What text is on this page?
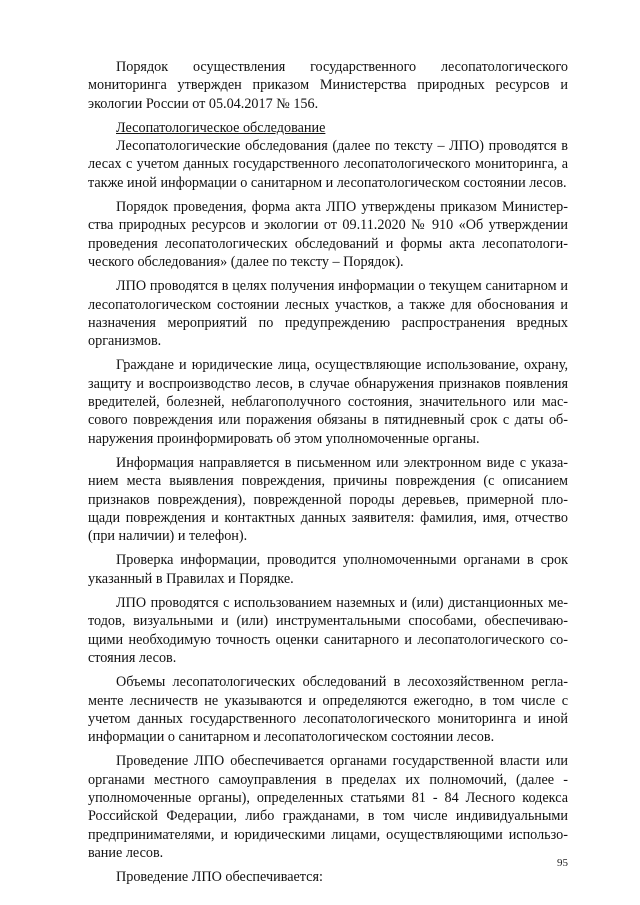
Порядок осуществления государственного лесопатологического мониторинга утвержден приказом Министерства природных ресурсов и экологии России от 05.04.2017 № 156.

Лесопатологическое обследование

Лесопатологические обследования (далее по тексту – ЛПО) проводятся в лесах с учетом данных государственного лесопатологического мониторинга, а также иной информации о санитарном и лесопатологическом состоянии лесов.

Порядок проведения, форма акта ЛПО утверждены приказом Министерства природных ресурсов и экологии от 09.11.2020 № 910 «Об утверждении проведения лесопатологических обследований и формы акта лесопатологического обследования» (далее по тексту – Порядок).

ЛПО проводятся в целях получения информации о текущем санитарном и лесопатологическом состоянии лесных участков, а также для обоснования и назначения мероприятий по предупреждению распространения вредных организмов.

Граждане и юридические лица, осуществляющие использование, охрану, защиту и воспроизводство лесов, в случае обнаружения признаков появления вредителей, болезней, неблагополучного состояния, значительного или массового повреждения или поражения обязаны в пятидневный срок с даты обнаружения проинформировать об этом уполномоченные органы.

Информация направляется в письменном или электронном виде с указанием места выявления повреждения, причины повреждения (с описанием признаков повреждения), поврежденной породы деревьев, примерной площади повреждения и контактных данных заявителя: фамилия, имя, отчество (при наличии) и телефон).

Проверка информации, проводится уполномоченными органами в срок указанный в Правилах и Порядке.

ЛПО проводятся с использованием наземных и (или) дистанционных методов, визуальными и (или) инструментальными способами, обеспечивающими необходимую точность оценки санитарного и лесопатологического состояния лесов.

Объемы лесопатологических обследований в лесохозяйственном регламенте лесничеств не указываются и определяются ежегодно, в том числе с учетом данных государственного лесопатологического мониторинга и иной информации о санитарном и лесопатологическом состоянии лесов.

Проведение ЛПО обеспечивается органами государственной власти или органами местного самоуправления в пределах их полномочий, (далее - уполномоченные органы), определенных статьями 81 - 84 Лесного кодекса Российской Федерации, либо гражданами, в том числе индивидуальными предпринимателями, и юридическими лицами, осуществляющими использование лесов.

Проведение ЛПО обеспечивается:

95
